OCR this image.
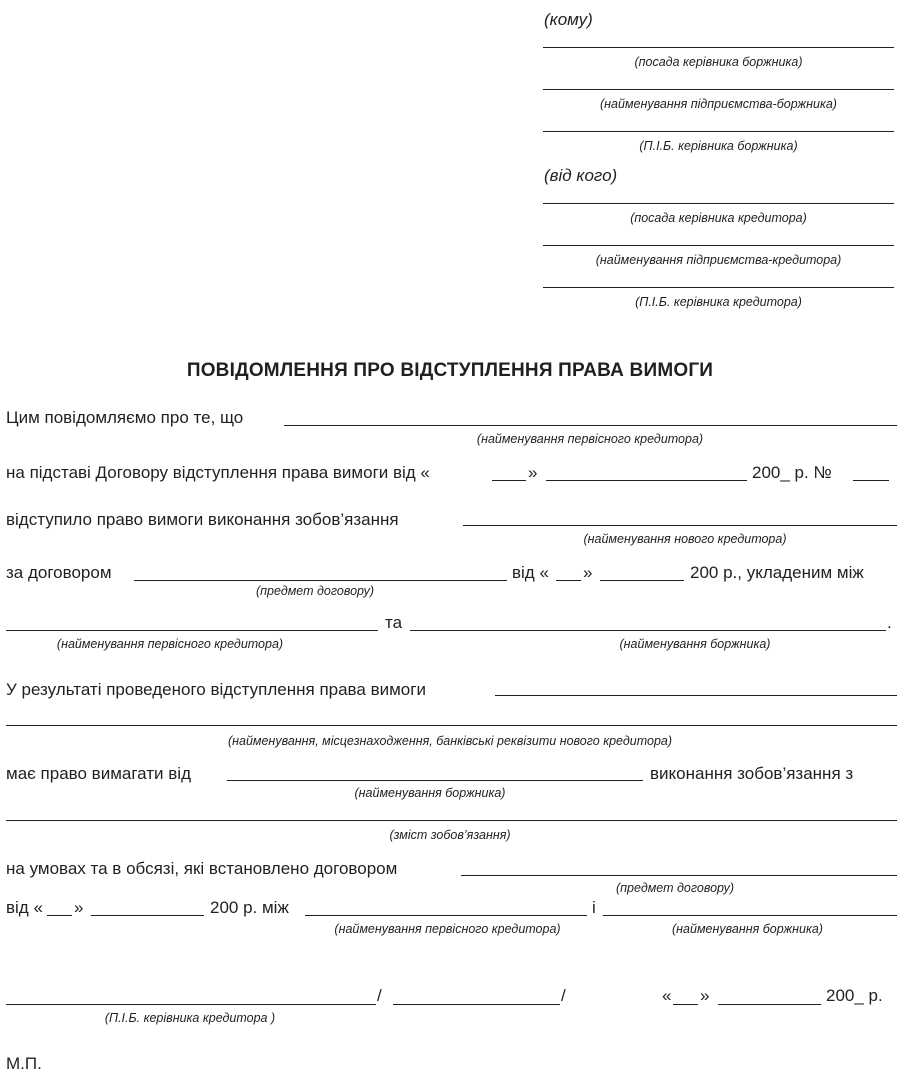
(кому)
(посада керівника боржника)
(найменування підприємства-боржника)
(П.І.Б. керівника боржника)
(від кого)
(посада керівника кредитора)
(найменування підприємства-кредитора)
(П.І.Б. керівника кредитора)
ПОВІДОМЛЕННЯ ПРО ВІДСТУПЛЕННЯ ПРАВА ВИМОГИ
Цим повідомляємо про те, що
(найменування первісного кредитора)
на підставі Договору відступлення права вимоги від «	»	200_ р. №
відступило право вимоги виконання зобов’язання
(найменування нового кредитора)
за договором	від « »	200 р., укладеним між
(предмет договору)
та	.
(найменування первісного кредитора)	(найменування боржника)
У результаті проведеного відступлення права вимоги
(найменування, місцезнаходження, банківські реквізити нового кредитора)
має право вимагати від	виконання зобов’язання з
(найменування боржника)
(зміст зобов’язання)
на умовах та в обсязі, які встановлено договором
(предмет договору)
від « »	200 р. між	і
(найменування первісного кредитора)	(найменування боржника)
/	/
(П.І.Б. керівника кредитора )
« »	200_ р.
М.П.
